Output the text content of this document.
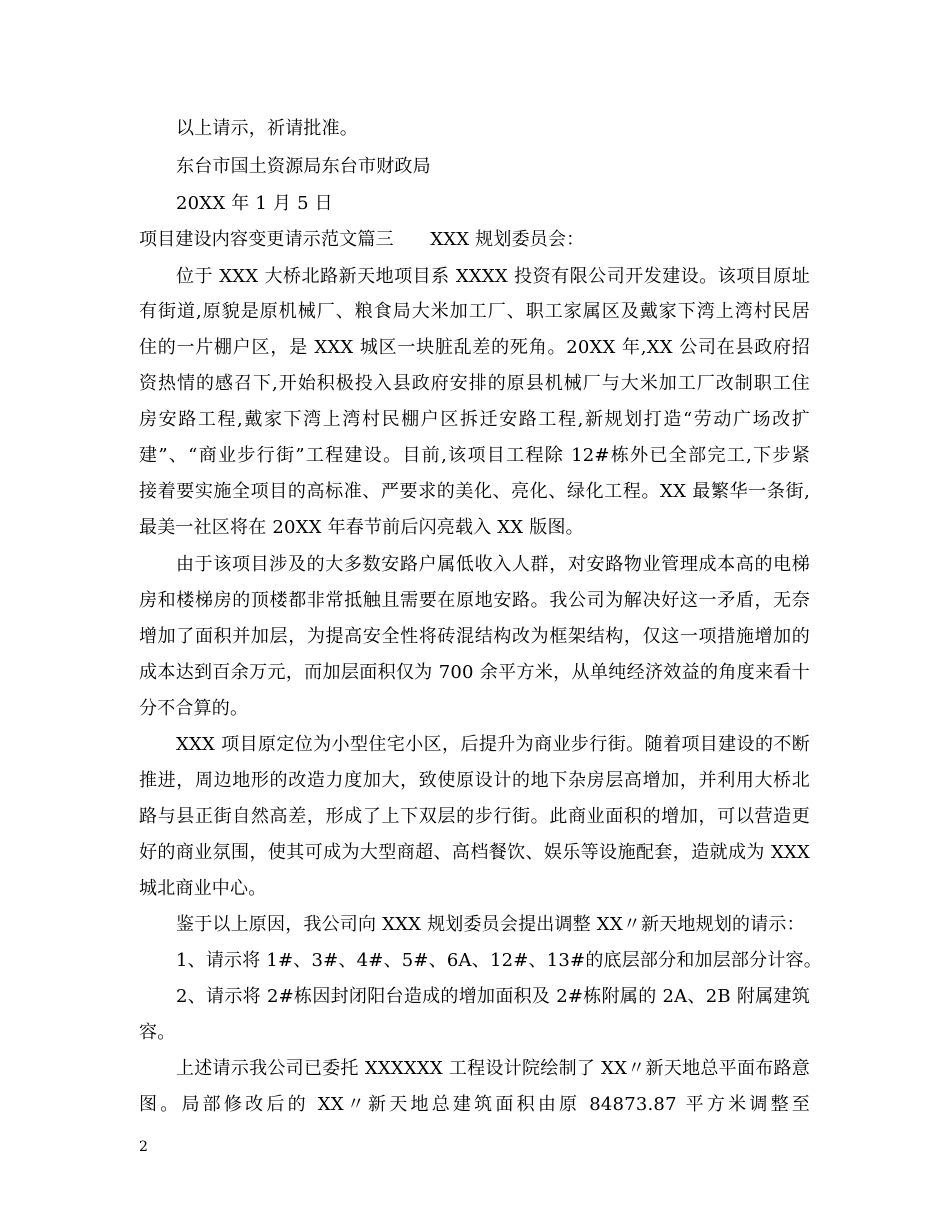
以上请示，祈请批准。
东台市国土资源局东台市财政局
20XX 年 1 月 5 日
项目建设内容变更请示范文篇三　　XXX 规划委员会：
位于 XXX 大桥北路新天地项目系 XXXX 投资有限公司开发建设。该项目原址
有街道,原貌是原机械厂、粮食局大米加工厂、职工家属区及戴家下湾上湾村民居
住的一片棚户区，是 XXX 城区一块脏乱差的死角。20XX 年,XX 公司在县政府招
资热情的感召下,开始积极投入县政府安排的原县机械厂与大米加工厂改制职工住
房安路工程,戴家下湾上湾村民棚户区拆迁安路工程,新规划打造“劳动广场改扩
建”、“商业步行街”工程建设。目前,该项目工程除 12#栋外已全部完工,下步紧
接着要实施全项目的高标准、严要求的美化、亮化、绿化工程。XX 最繁华一条街,
最美一社区将在 20XX 年春节前后闪亮载入 XX 版图。
由于该项目涉及的大多数安路户属低收入人群，对安路物业管理成本高的电梯
房和楼梯房的顶楼都非常抵触且需要在原地安路。我公司为解决好这一矛盾，无奈
增加了面积并加层，为提高安全性将砖混结构改为框架结构，仅这一项措施增加的
成本达到百余万元，而加层面积仅为 700 余平方米，从单纯经济效益的角度来看十
分不合算的。
XXX 项目原定位为小型住宅小区，后提升为商业步行街。随着项目建设的不断
推进，周边地形的改造力度加大，致使原设计的地下杂房层高增加，并利用大桥北
路与县正街自然高差，形成了上下双层的步行街。此商业面积的增加，可以营造更
好的商业氛围，使其可成为大型商超、高档餐饮、娱乐等设施配套，造就成为 XXX
城北商业中心。
鉴于以上原因，我公司向 XXX 规划委员会提出调整 XX〃新天地规划的请示：
1、请示将 1#、3#、4#、5#、6A、12#、13#的底层部分和加层部分计容。
2、请示将 2#栋因封闭阳台造成的增加面积及 2#栋附属的 2A、2B 附属建筑
容。
上述请示我公司已委托 XXXXXX 工程设计院绘制了 XX〃新天地总平面布路意
图。局部修改后的 XX〃新天地总建筑面积由原 84873.87 平方米调整至
2
